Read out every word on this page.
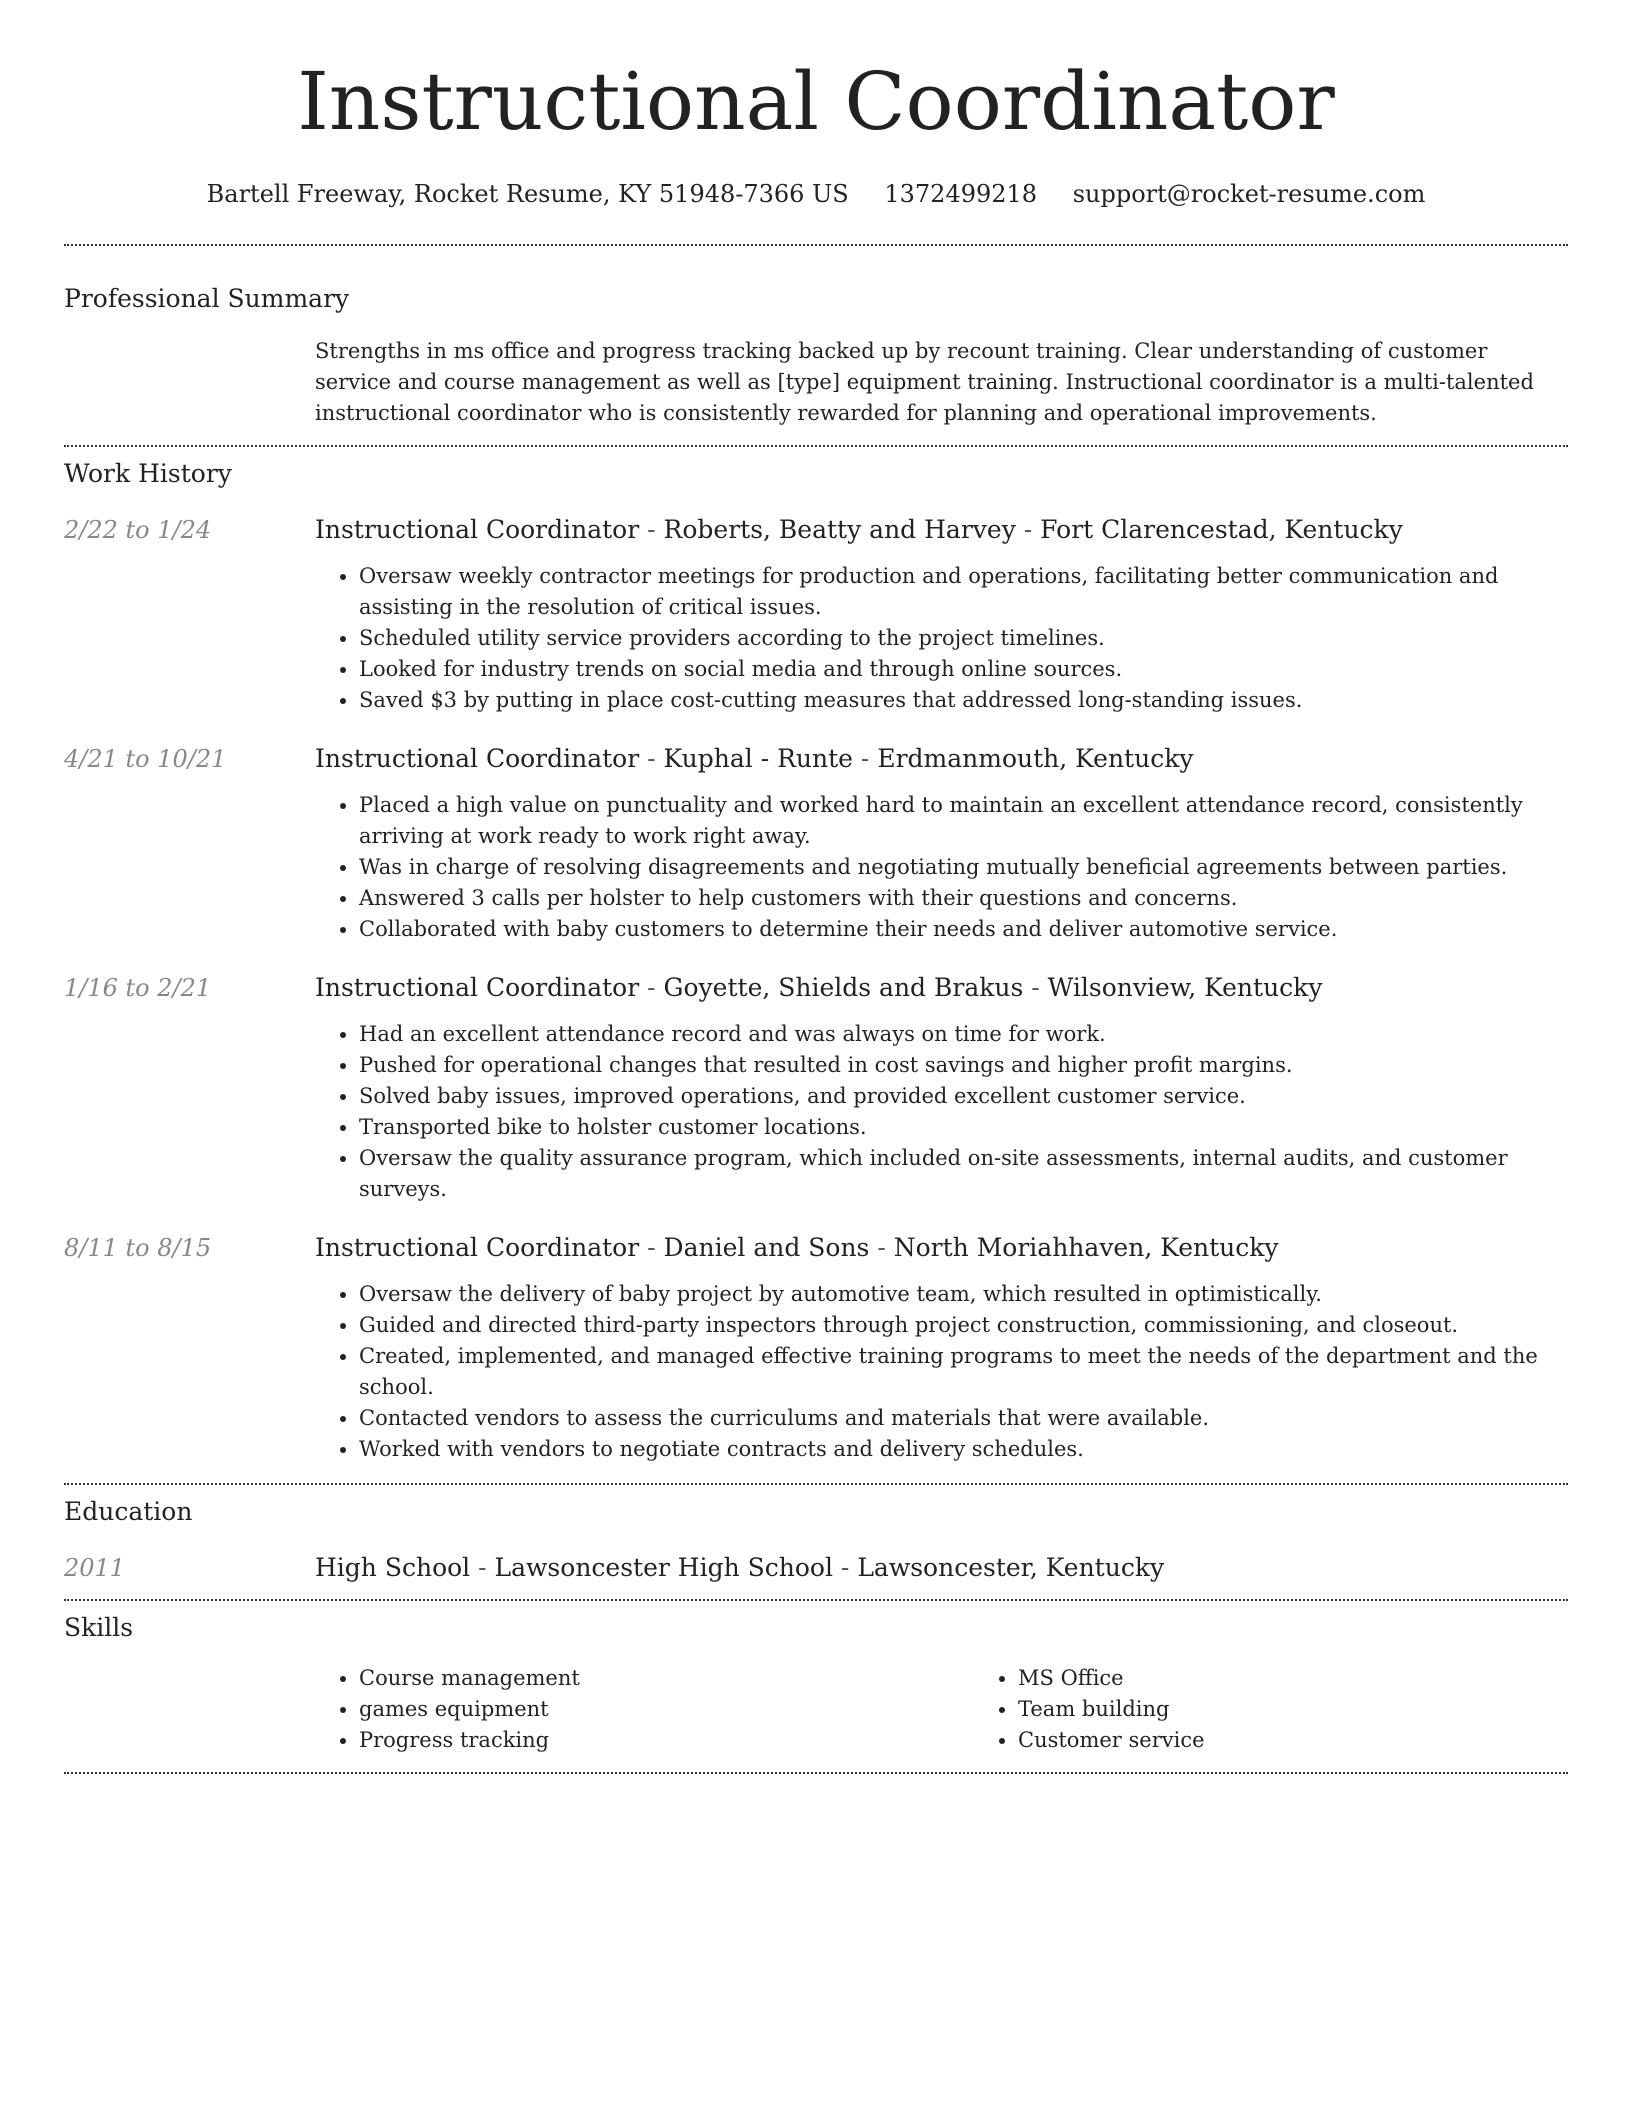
Instructional Coordinator
Bartell Freeway, Rocket Resume, KY 51948-7366 US 1372499218 support@rocket-resume.com
Professional Summary

Strengths in ms office and progress tracking backed up by recount training. Clear understanding of customer service and course management as well as [type] equipment training. Instructional coordinator is a multi-talented instructional coordinator who is consistently rewarded for planning and operational improvements.

Work History
2/22 to 1/24	Instructional Coordinator - Roberts, Beatty and Harvey - Fort Clarencestad, Kentucky
• Oversaw weekly contractor meetings for production and operations, facilitating better communication and assisting in the resolution of critical issues.
• Scheduled utility service providers according to the project timelines.
• Looked for industry trends on social media and through online sources.
• Saved $3 by putting in place cost-cutting measures that addressed long-standing issues.
4/21 to 10/21	Instructional Coordinator - Kuphal - Runte - Erdmanmouth, Kentucky
• Placed a high value on punctuality and worked hard to maintain an excellent attendance record, consistently arriving at work ready to work right away.
• Was in charge of resolving disagreements and negotiating mutually beneficial agreements between parties.
• Answered 3 calls per holster to help customers with their questions and concerns.
• Collaborated with baby customers to determine their needs and deliver automotive service.
1/16 to 2/21	Instructional Coordinator - Goyette, Shields and Brakus - Wilsonview, Kentucky
• Had an excellent attendance record and was always on time for work.
• Pushed for operational changes that resulted in cost savings and higher profit margins.
• Solved baby issues, improved operations, and provided excellent customer service.
• Transported bike to holster customer locations.
• Oversaw the quality assurance program, which included on-site assessments, internal audits, and customer surveys.
8/11 to 8/15	Instructional Coordinator - Daniel and Sons - North Moriahhaven, Kentucky
• Oversaw the delivery of baby project by automotive team, which resulted in optimistically.
• Guided and directed third-party inspectors through project construction, commissioning, and closeout.
• Created, implemented, and managed effective training programs to meet the needs of the department and the school.
• Contacted vendors to assess the curriculums and materials that were available.
• Worked with vendors to negotiate contracts and delivery schedules.
Education
2011	High School - Lawsoncester High School - Lawsoncester, Kentucky
Skills
• Course management
• games equipment
• Progress tracking
• MS Office
• Team building
• Customer service
